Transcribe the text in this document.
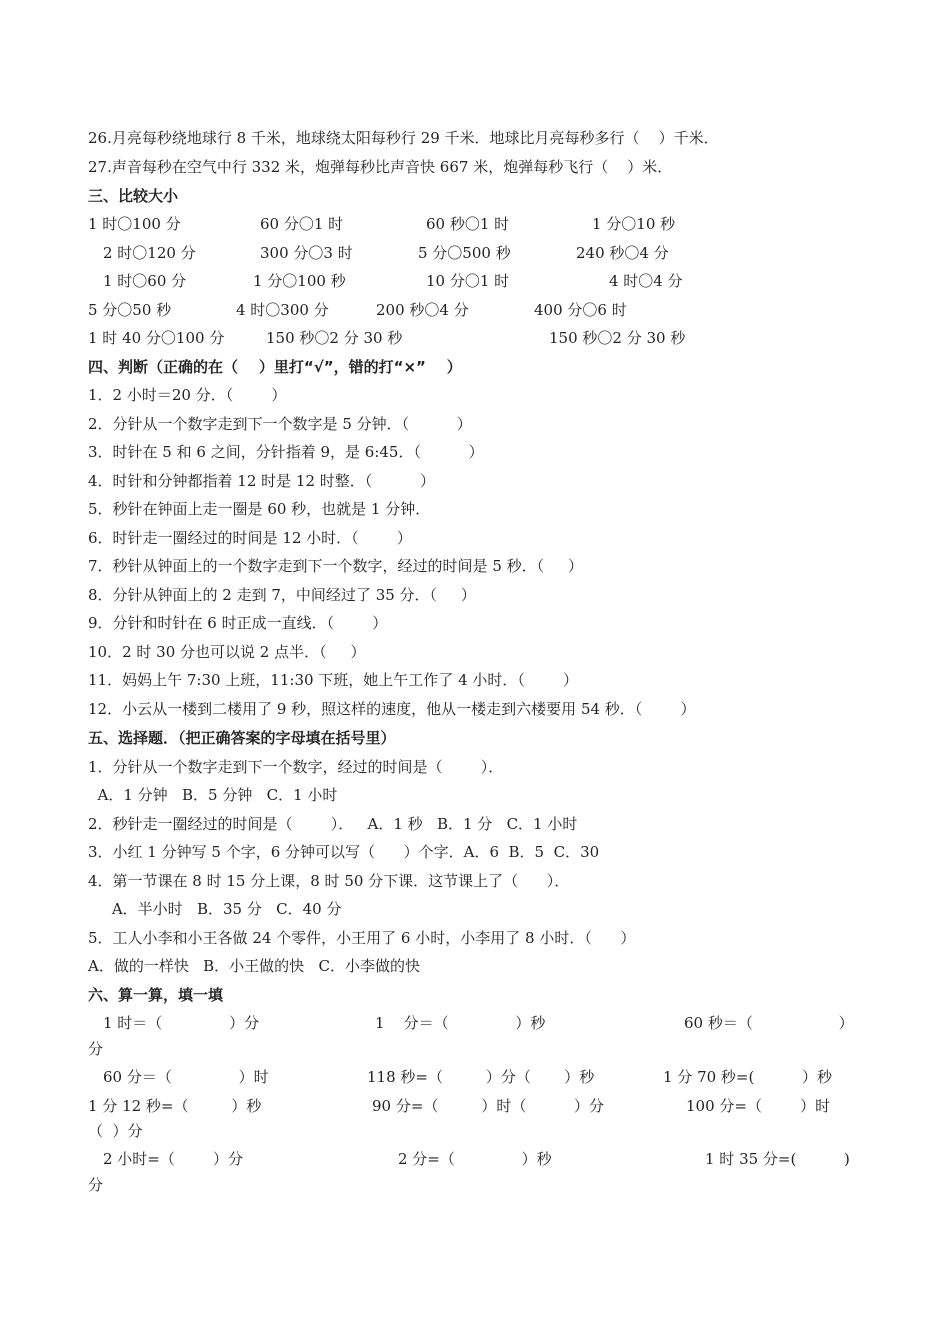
26.月亮每秒绕地球行 8 千米，地球绕太阳每秒行 29 千米．地球比月亮每秒多行（    ）千米．
27.声音每秒在空气中行 332 米，炮弹每秒比声音快 667 米，炮弹每秒飞行（    ）米．
三、比较大小
1 时〇100 分	60 分〇1 时	60 秒〇1 时	1 分〇10 秒
2 时〇120 分	300 分〇3 时	5 分〇500 秒	240 秒〇4 分
1 时〇60 分	1 分〇100 秒	10 分〇1 时	4 时〇4 分
5 分〇50 秒	4 时〇300 分	200 秒〇4 分	400 分〇6 时
1 时 40 分〇100 分	150 秒〇2 分 30 秒	150 秒〇2 分 30 秒
四、判断（正确的在（    ）里打“√”，错的打“×”    ）
1．2 小时＝20 分．（        ）
2．分针从一个数字走到下一个数字是 5 分钟．（          ）
3．时针在 5 和 6 之间，分针指着 9，是 6:45．（          ）
4．时针和分钟都指着 12 时是 12 时整．（          ）
5．秒针在钟面上走一圈是 60 秒，也就是 1 分钟．
6．时针走一圈经过的时间是 12 小时．（        ）
7．秒针从钟面上的一个数字走到下一个数字，经过的时间是 5 秒．（     ）
8．分针从钟面上的 2 走到 7，中间经过了 35 分．（     ）
9．分针和时针在 6 时正成一直线．（        ）
10．2 时 30 分也可以说 2 点半．（     ）
11．妈妈上午 7:30 上班，11:30 下班，她上午工作了 4 小时．（        ）
12．小云从一楼到二楼用了 9 秒，照这样的速度，他从一楼走到六楼要用 54 秒．（        ）
五、选择题．（把正确答案的字母填在括号里）
1．分针从一个数字走到下一个数字，经过的时间是（        ）．
A．1 分钟   B．5 分钟   C．1 小时
2．秒针走一圈经过的时间是（        ）．   A．1 秒   B．1 分   C．1 小时
3．小红 1 分钟写 5 个字，6 分钟可以写（      ）个字．A．6  B．5  C．30
4．第一节课在 8 时 15 分上课，8 时 50 分下课．这节课上了（      ）．
A．半小时   B．35 分   C．40 分
5．工人小李和小王各做 24 个零件，小王用了 6 小时，小李用了 8 小时．（      ）
A．做的一样快   B．小王做的快   C．小李做的快
六、算一算，填一填
1 时＝（              ）分	1    分＝（              ）秒	60 秒＝（                  ）
分
60 分＝（              ）时	118 秒=（         ）分（       ）秒	1 分 70 秒=(          ）秒
1 分 12 秒=（         ）秒	90 分=（         ）时（          ）分	100 分=（        ）时
（  ）分
2 小时=（        ）分	2 分=（              ）秒	1 时 35 分=(          )
分
